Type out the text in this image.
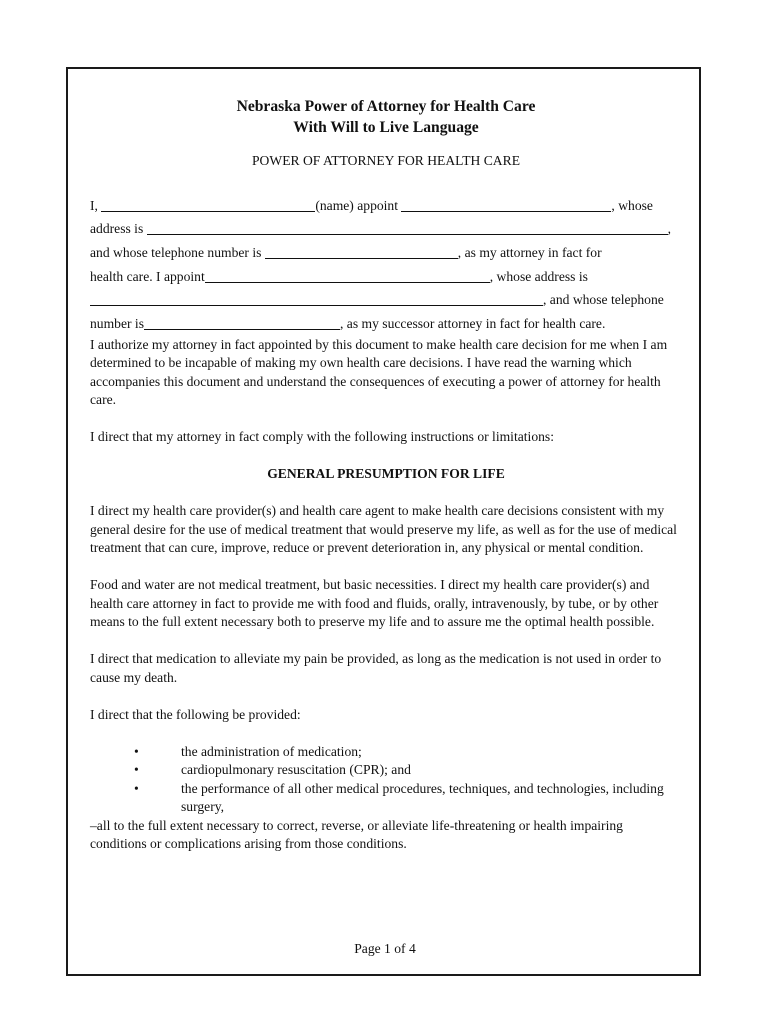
Nebraska Power of Attorney for Health Care
With Will to Live Language
POWER OF ATTORNEY FOR HEALTH CARE
I,	(name) appoint	, whose
address is	,
and whose telephone number is	, as my attorney in fact for
health care. I appoint	, whose address is
, and whose telephone
number is	, as my successor attorney in fact for health care.

I authorize my attorney in fact appointed by this document to make health care decision for me when I am determined to be incapable of making my own health care decisions. I have read the warning which accompanies this document and understand the consequences of executing a power of attorney for health care.

I direct that my attorney in fact comply with the following instructions or limitations:

GENERAL PRESUMPTION FOR LIFE

I direct my health care provider(s) and health care agent to make health care decisions consistent with my general desire for the use of medical treatment that would preserve my life, as well as for the use of medical treatment that can cure, improve, reduce or prevent deterioration in, any physical or mental condition.

Food and water are not medical treatment, but basic necessities. I direct my health care provider(s) and health care attorney in fact to provide me with food and fluids, orally, intravenously, by tube, or by other means to the full extent necessary both to preserve my life and to assure me the optimal health possible.

I direct that medication to alleviate my pain be provided, as long as the medication is not used in order to cause my death.

I direct that the following be provided:

•	the administration of medication;
•	cardiopulmonary resuscitation (CPR); and
•	the performance of all other medical procedures, techniques, and technologies, including surgery,

–all to the full extent necessary to correct, reverse, or alleviate life-threatening or health impairing conditions or complications arising from those conditions.

Page 1 of 4
